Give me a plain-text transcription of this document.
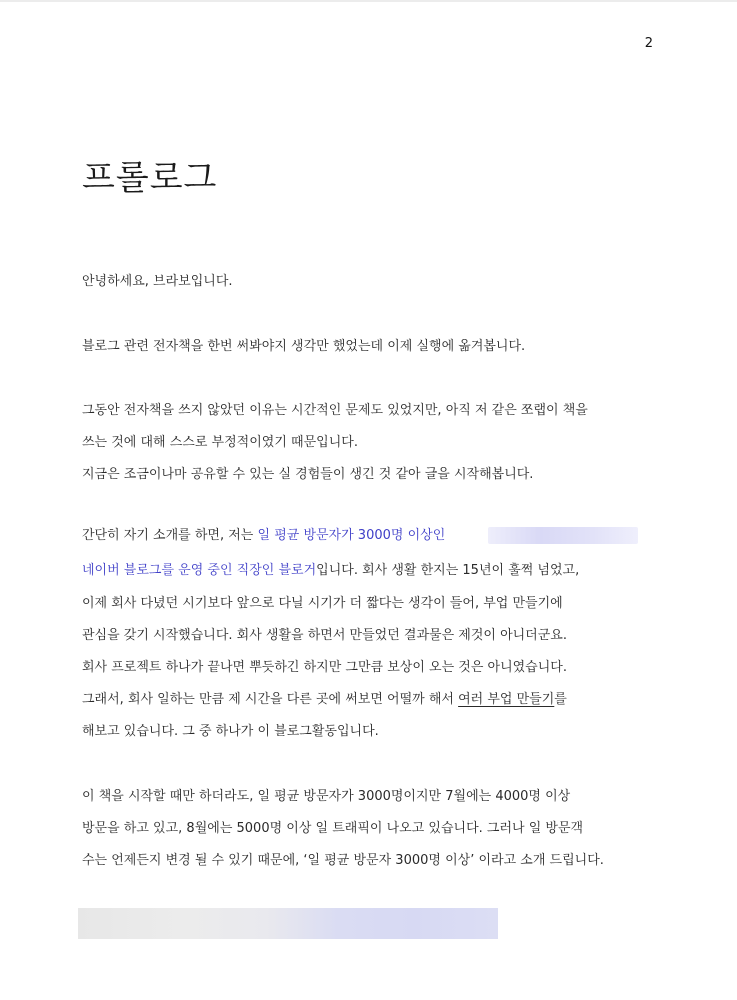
2
프롤로그
안녕하세요, 브라보입니다.
블로그 관련 전자책을 한번 써봐야지 생각만 했었는데 이제 실행에 옮겨봅니다.
그동안 전자책을 쓰지 않았던 이유는 시간적인 문제도 있었지만, 아직 저 같은 쪼랩이 책을
쓰는 것에 대해 스스로 부정적이였기 때문입니다.
지금은 조금이나마 공유할 수 있는 실 경험들이 생긴 것 같아 글을 시작해봅니다.
간단히 자기 소개를 하면, 저는 일 평균 방문자가 3000명 이상인
네이버 블로그를 운영 중인 직장인 블로거입니다. 회사 생활 한지는 15년이 훌쩍 넘었고,
이제 회사 다녔던 시기보다 앞으로 다닐 시기가 더 짧다는 생각이 들어, 부업 만들기에
관심을 갖기 시작했습니다. 회사 생활을 하면서 만들었던 결과물은 제것이 아니더군요.
회사 프로젝트 하나가 끝나면 뿌듯하긴 하지만 그만큼 보상이 오는 것은 아니였습니다.
그래서, 회사 일하는 만큼 제 시간을 다른 곳에 써보면 어떨까 해서 여러 부업 만들기를
해보고 있습니다. 그 중 하나가 이 블로그활동입니다.
이 책을 시작할 때만 하더라도, 일 평균 방문자가 3000명이지만 7월에는 4000명 이상
방문을 하고 있고, 8월에는 5000명 이상 일 트래픽이 나오고 있습니다. 그러나 일 방문객
수는 언제든지 변경 될 수 있기 때문에, ‘일 평균 방문자 3000명 이상’ 이라고 소개 드립니다.
